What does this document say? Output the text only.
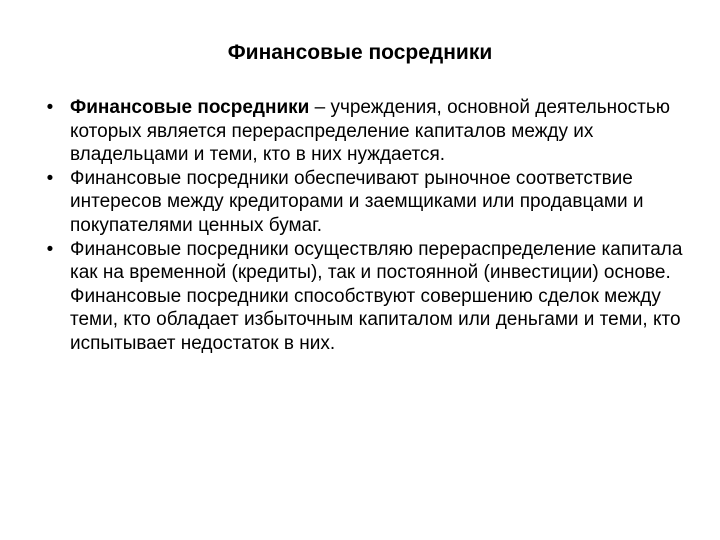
Финансовые посредники
• Финансовые посредники – учреждения, основной деятельностью которых является перераспределение капиталов между их владельцами и теми, кто в них нуждается.
• Финансовые посредники обеспечивают рыночное соответствие интересов между кредиторами и заемщиками или продавцами и покупателями ценных бумаг.
• Финансовые посредники осуществляю перераспределение капитала как на временной (кредиты), так и постоянной (инвестиции) основе. Финансовые посредники способствуют совершению сделок между теми, кто обладает избыточным капиталом или деньгами и теми, кто испытывает недостаток в них.
